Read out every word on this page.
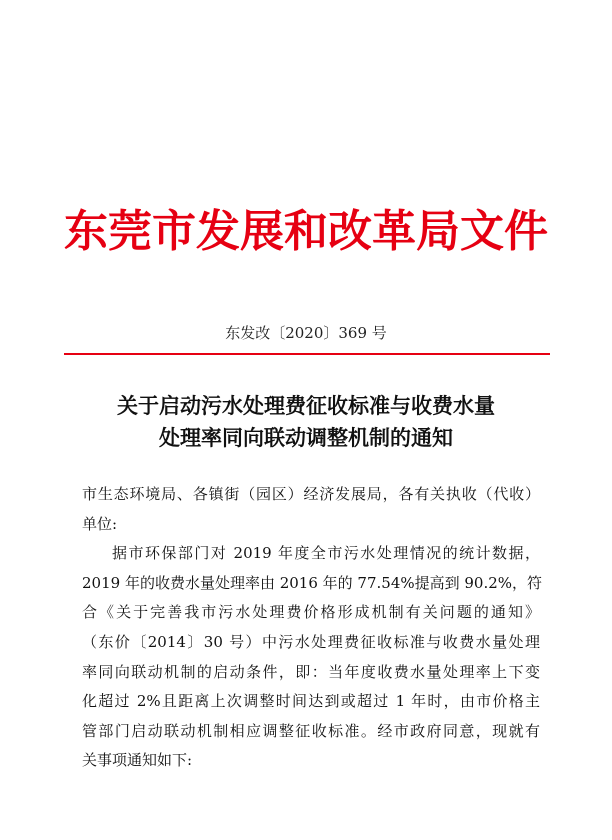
东莞市发展和改革局文件
东发改〔2020〕369 号
关于启动污水处理费征收标准与收费水量
处理率同向联动调整机制的通知
市生态环境局、各镇街（园区）经济发展局，各有关执收（代收）
单位:
据市环保部门对 2019 年度全市污水处理情况的统计数据，
2019 年的收费水量处理率由 2016 年的 77.54%提高到 90.2%，符
合《关于完善我市污水处理费价格形成机制有关问题的通知》
（东价〔2014〕30 号）中污水处理费征收标准与收费水量处理
率同向联动机制的启动条件，即：当年度收费水量处理率上下变
化超过 2%且距离上次调整时间达到或超过 1 年时，由市价格主
管部门启动联动机制相应调整征收标准。经市政府同意，现就有
关事项通知如下:
